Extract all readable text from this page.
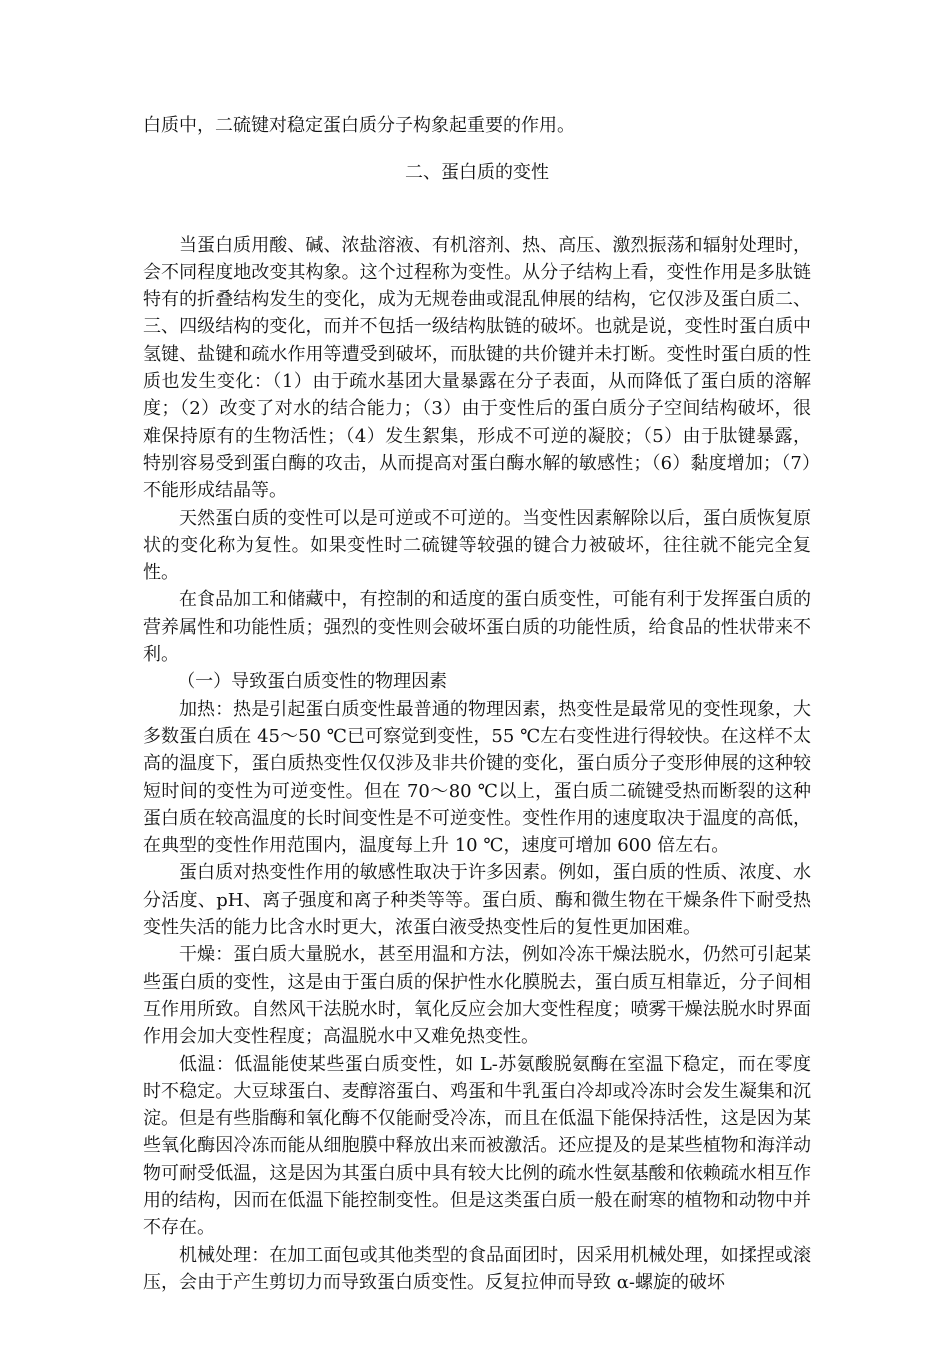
白质中，二硫键对稳定蛋白质分子构象起重要的作用。

二、蛋白质的变性

当蛋白质用酸、碱、浓盐溶液、有机溶剂、热、高压、激烈振荡和辐射处理时，会不同程度地改变其构象。这个过程称为变性。从分子结构上看，变性作用是多肽链特有的折叠结构发生的变化，成为无规卷曲或混乱伸展的结构，它仅涉及蛋白质二、三、四级结构的变化，而并不包括一级结构肽链的破坏。也就是说，变性时蛋白质中氢键、盐键和疏水作用等遭受到破坏，而肽键的共价键并未打断。变性时蛋白质的性质也发生变化：（1）由于疏水基团大量暴露在分子表面，从而降低了蛋白质的溶解度；（2）改变了对水的结合能力；（3）由于变性后的蛋白质分子空间结构破坏，很难保持原有的生物活性；（4）发生絮集，形成不可逆的凝胶；（5）由于肽键暴露，特别容易受到蛋白酶的攻击，从而提高对蛋白酶水解的敏感性；（6）黏度增加；（7）不能形成结晶等。

天然蛋白质的变性可以是可逆或不可逆的。当变性因素解除以后，蛋白质恢复原状的变化称为复性。如果变性时二硫键等较强的键合力被破坏，往往就不能完全复性。

在食品加工和储藏中，有控制的和适度的蛋白质变性，可能有利于发挥蛋白质的营养属性和功能性质；强烈的变性则会破坏蛋白质的功能性质，给食品的性状带来不利。

（一）导致蛋白质变性的物理因素

加热：热是引起蛋白质变性最普通的物理因素，热变性是最常见的变性现象，大多数蛋白质在 45～50 ℃已可察觉到变性，55 ℃左右变性进行得较快。在这样不太高的温度下，蛋白质热变性仅仅涉及非共价键的变化，蛋白质分子变形伸展的这种较短时间的变性为可逆变性。但在 70～80 ℃以上，蛋白质二硫键受热而断裂的这种蛋白质在较高温度的长时间变性是不可逆变性。变性作用的速度取决于温度的高低，在典型的变性作用范围内，温度每上升 10 ℃，速度可增加 600 倍左右。

蛋白质对热变性作用的敏感性取决于许多因素。例如，蛋白质的性质、浓度、水分活度、pH、离子强度和离子种类等等。蛋白质、酶和微生物在干燥条件下耐受热变性失活的能力比含水时更大，浓蛋白液受热变性后的复性更加困难。

干燥：蛋白质大量脱水，甚至用温和方法，例如冷冻干燥法脱水，仍然可引起某些蛋白质的变性，这是由于蛋白质的保护性水化膜脱去，蛋白质互相靠近，分子间相互作用所致。自然风干法脱水时，氧化反应会加大变性程度；喷雾干燥法脱水时界面作用会加大变性程度；高温脱水中又难免热变性。

低温：低温能使某些蛋白质变性，如 L-苏氨酸脱氨酶在室温下稳定，而在零度时不稳定。大豆球蛋白、麦醇溶蛋白、鸡蛋和牛乳蛋白冷却或冷冻时会发生凝集和沉淀。但是有些脂酶和氧化酶不仅能耐受冷冻，而且在低温下能保持活性，这是因为某些氧化酶因冷冻而能从细胞膜中释放出来而被激活。还应提及的是某些植物和海洋动物可耐受低温，这是因为其蛋白质中具有较大比例的疏水性氨基酸和依赖疏水相互作用的结构，因而在低温下能控制变性。但是这类蛋白质一般在耐寒的植物和动物中并不存在。

机械处理：在加工面包或其他类型的食品面团时，因采用机械处理，如揉捏或滚压，会由于产生剪切力而导致蛋白质变性。反复拉伸而导致 α-螺旋的破坏
